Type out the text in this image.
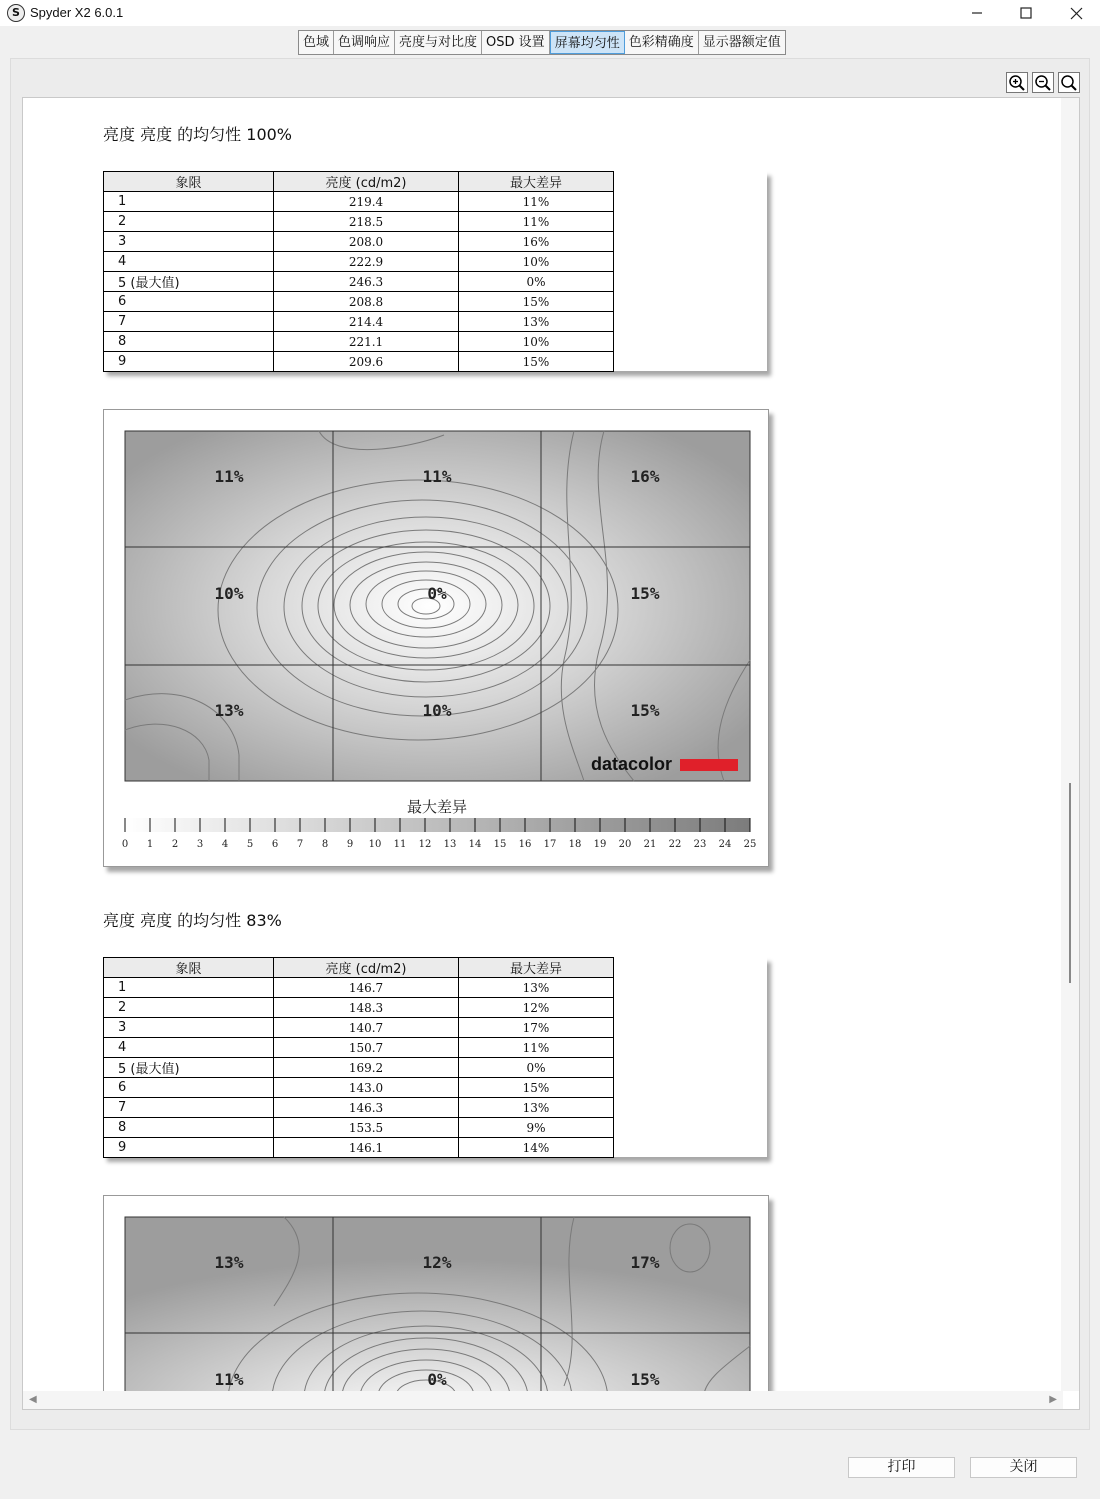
S Spyder X2 6.0.1
色域 色调响应 亮度与对比度 OSD 设置 屏幕均匀性 色彩精确度 显示器额定值
亮度 亮度 的均匀性 100%
象限	亮度 (cd/m2)	最大差异
1	219.4	11%
2	218.5	11%
3	208.0	16%
4	222.9	10%
5 (最大值)	246.3	0%
6	208.8	15%
7	214.4	13%
8	221.1	10%
9	209.6	15%
11%	11%	16%
10%	0%	15%
13%	10%	15%
datacolor
最大差异
0 1 2 3 4 5 6 7 8 9 10 11 12 13 14 15 16 17 18 19 20 21 22 23 24 25
亮度 亮度 的均匀性 83%
象限	亮度 (cd/m2)	最大差异
1	146.7	13%
2	148.3	12%
3	140.7	17%
4	150.7	11%
5 (最大值)	169.2	0%
6	143.0	15%
7	146.3	13%
8	153.5	9%
9	146.1	14%
13%	12%	17%
11%	0%	15%
◀	▶
打印	关闭
